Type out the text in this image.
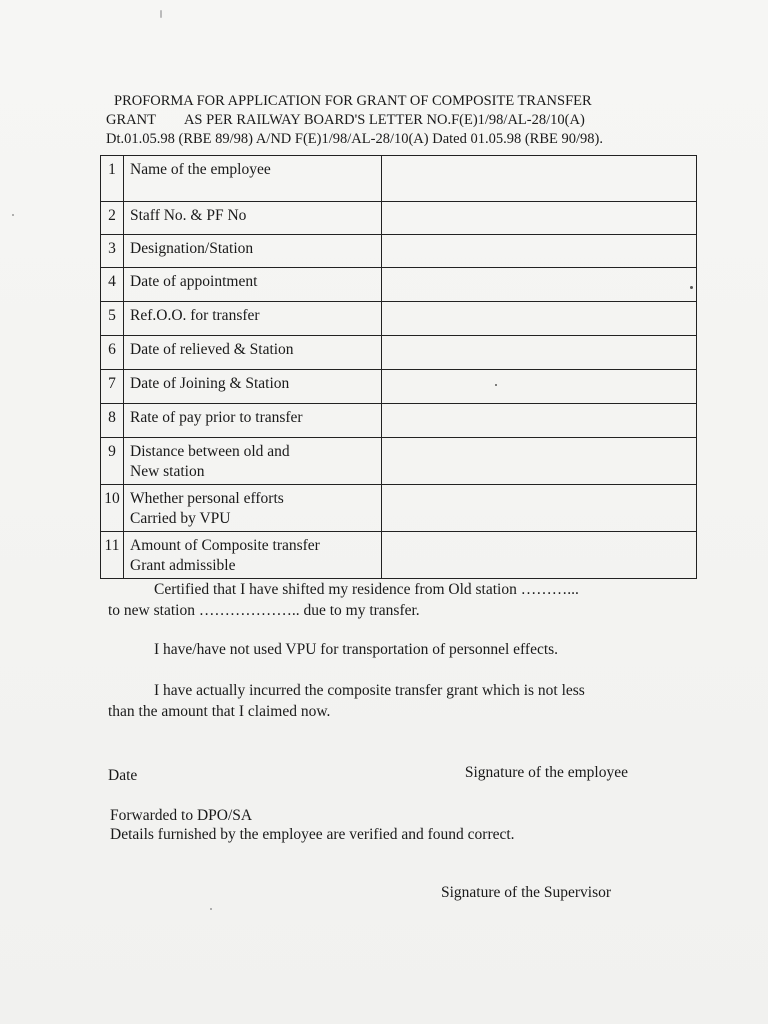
PROFORMA FOR APPLICATION FOR GRANT OF COMPOSITE TRANSFER
GRANT AS PER RAILWAY BOARD'S LETTER NO.F(E)1/98/AL-28/10(A)
Dt.01.05.98 (RBE 89/98) A/ND F(E)1/98/AL-28/10(A) Dated 01.05.98 (RBE 90/98).
1	Name of the employee	
2	Staff No. & PF No	
3	Designation/Station	
4	Date of appointment	
5	Ref.O.O. for transfer	
6	Date of relieved & Station	
7	Date of Joining & Station	
8	Rate of pay prior to transfer	
9	Distance between old and
New station	

10	Whether personal efforts
Carried by VPU	

11	Amount of Composite transfer
Grant admissible	

Certified that I have shifted my residence from Old station ………...
to new station ……………….. due to my transfer.
I have/have not used VPU for transportation of personnel effects.
I have actually incurred the composite transfer grant which is not less
than the amount that I claimed now.
Date	Signature of the employee
Forwarded to DPO/SA
Details furnished by the employee are verified and found correct.
Signature of the Supervisor
